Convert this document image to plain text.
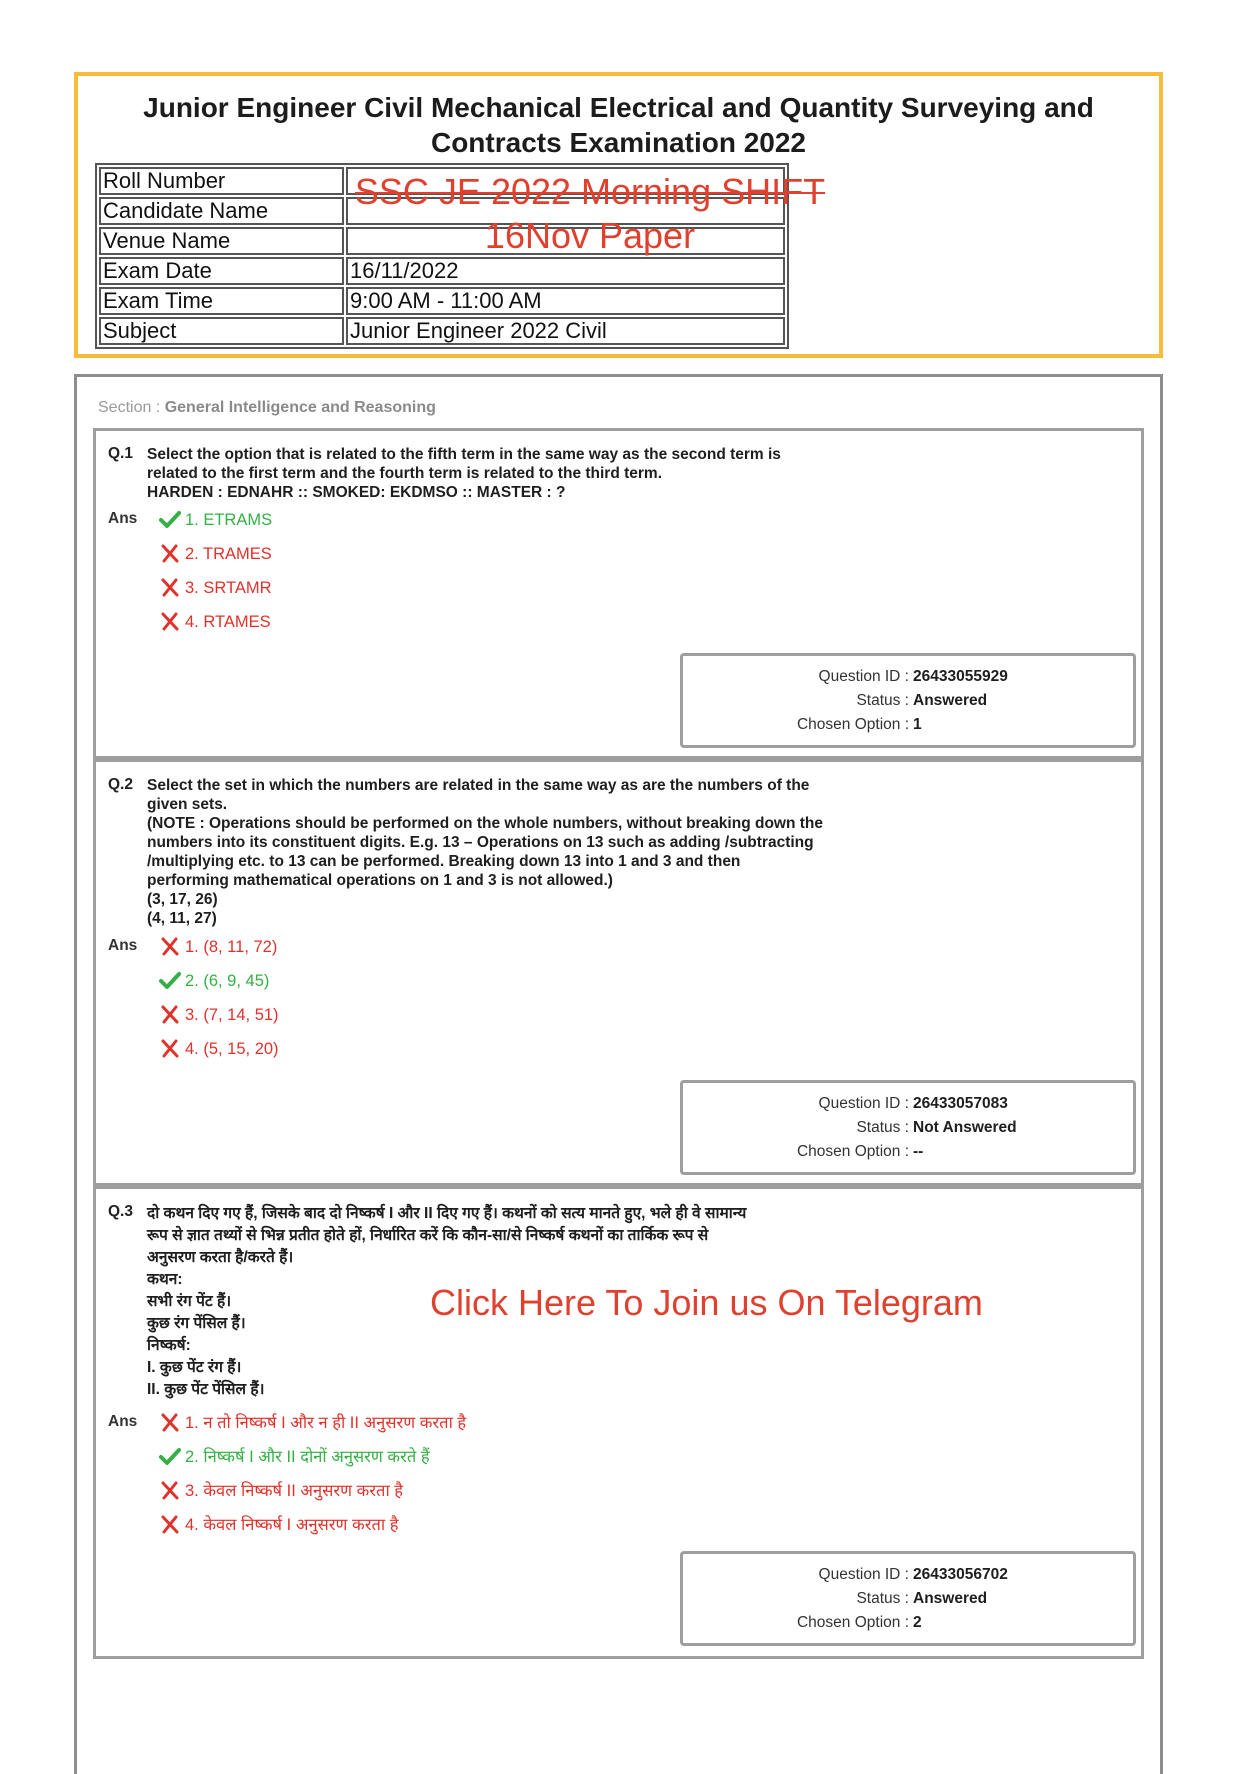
Junior Engineer Civil Mechanical Electrical and Quantity Surveying and
Contracts Examination 2022
Roll Number	
Candidate Name	
Venue Name	
Exam Date	16/11/2022
Exam Time	9:00 AM - 11:00 AM
Subject	Junior Engineer 2022 Civil
SSC JE 2022 Morning SHIFT
16Nov Paper
Section : General Intelligence and Reasoning
Q.1 Select the option that is related to the fifth term in the same way as the second term is
related to the first term and the fourth term is related to the third term.
HARDEN : EDNAHR :: SMOKED: EKDMSO :: MASTER : ?
Ans	1. ETRAMS
2. TRAMES
3. SRTAMR
4. RTAMES
Question ID : 26433055929
Status : Answered
Chosen Option : 1
Q.2 Select the set in which the numbers are related in the same way as are the numbers of the
given sets.
(NOTE : Operations should be performed on the whole numbers, without breaking down the
numbers into its constituent digits. E.g. 13 – Operations on 13 such as adding /subtracting
/multiplying etc. to 13 can be performed. Breaking down 13 into 1 and 3 and then
performing mathematical operations on 1 and 3 is not allowed.)
(3, 17, 26)
(4, 11, 27)
Ans	1. (8, 11, 72)
2. (6, 9, 45)
3. (7, 14, 51)
4. (5, 15, 20)
Question ID : 26433057083
Status : Not Answered
Chosen Option : --
Q.3 दो कथन दिए गए हैं, जिसके बाद दो निष्कर्ष I और II दिए गए हैं। कथनों को सत्य मानते हुए, भले ही वे सामान्य
रूप से ज्ञात तथ्यों से भिन्न प्रतीत होते हों, निर्धारित करें कि कौन-सा/से निष्कर्ष कथनों का तार्किक रूप से
अनुसरण करता है/करते हैं।
कथन:
सभी रंग पेंट हैं।
कुछ रंग पेंसिल हैं।
निष्कर्ष:
I. कुछ पेंट रंग हैं।
II. कुछ पेंट पेंसिल हैं।
Ans	1. न तो निष्कर्ष I और न ही II अनुसरण करता है
2. निष्कर्ष I और II दोनों अनुसरण करते हैं
3. केवल निष्कर्ष II अनुसरण करता है
4. केवल निष्कर्ष I अनुसरण करता है
Question ID : 26433056702
Status : Answered
Chosen Option : 2
Click Here To Join us On Telegram
